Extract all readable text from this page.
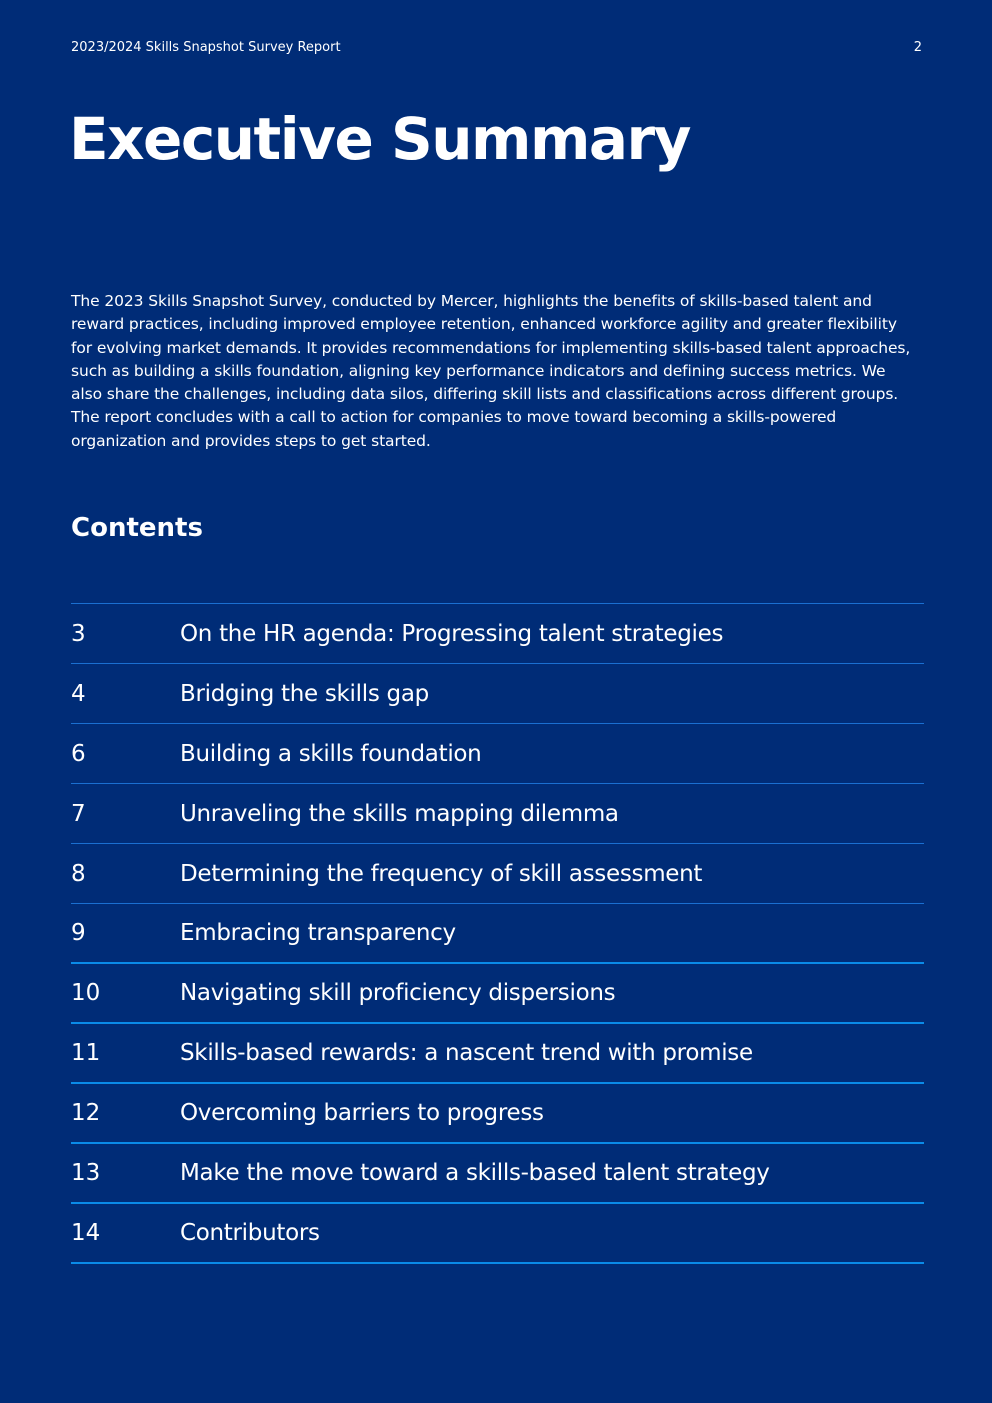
2023/2024 Skills Snapshot Survey Report	2
Executive Summary

The 2023 Skills Snapshot Survey, conducted by Mercer, highlights the benefits of skills-based talent and reward practices, including improved employee retention, enhanced workforce agility and greater flexibility for evolving market demands. It provides recommendations for implementing skills-based talent approaches, such as building a skills foundation, aligning key performance indicators and defining success metrics. We also share the challenges, including data silos, differing skill lists and classifications across different groups. The report concludes with a call to action for companies to move toward becoming a skills-powered organization and provides steps to get started.

Contents
3	On the HR agenda: Progressing talent strategies
4	Bridging the skills gap
6	Building a skills foundation
7	Unraveling the skills mapping dilemma
8	Determining the frequency of skill assessment
9	Embracing transparency
10	Navigating skill proficiency dispersions
11	Skills-based rewards: a nascent trend with promise
12	Overcoming barriers to progress
13	Make the move toward a skills-based talent strategy
14	Contributors
